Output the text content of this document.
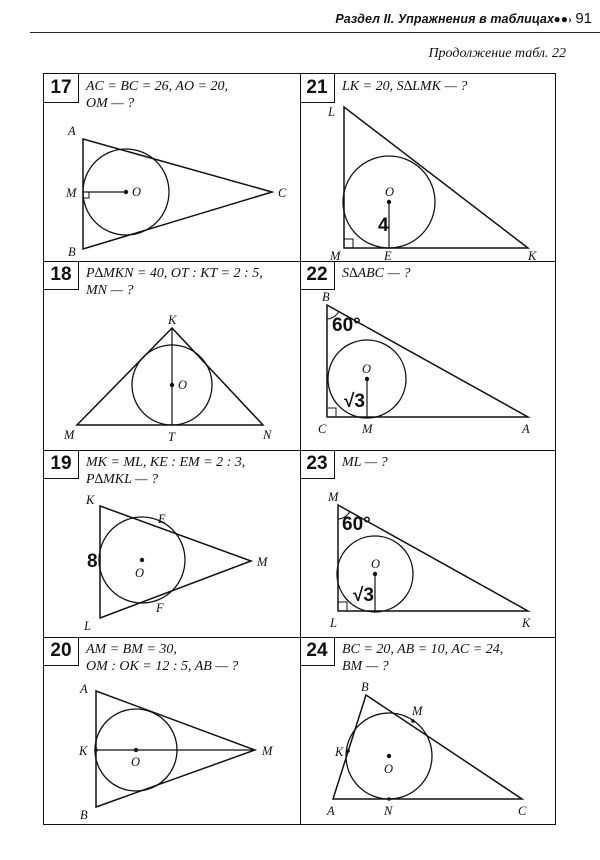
Раздел II. Упражнения в таблицах ●●› 91
Продолжение табл. 22
17	AC = BC = 26, AO = 20,
OM — ?
A
B
C
M	O
21	LK = 20, S∆LMK — ?
L
M	E	K
O
4
18	P∆MKN = 40, OT : KT = 2 : 5,
MN — ?
K
M	T	N
O
22	S∆ABC — ?
B
C	M	A
O
60°
√3
19	MK = ML, KE : EM = 2 : 3,
P∆MKL — ?
K
E
M
F
L
O
8
23	ML — ?
M
L	K
O
60°
√3
20	AM = BM = 30,
OM : OK = 12 : 5, AB — ?
A
B
K
O
M
24	BC = 20, AB = 10, AC = 24,
BM — ?
B
M
K
O
A	N	C
